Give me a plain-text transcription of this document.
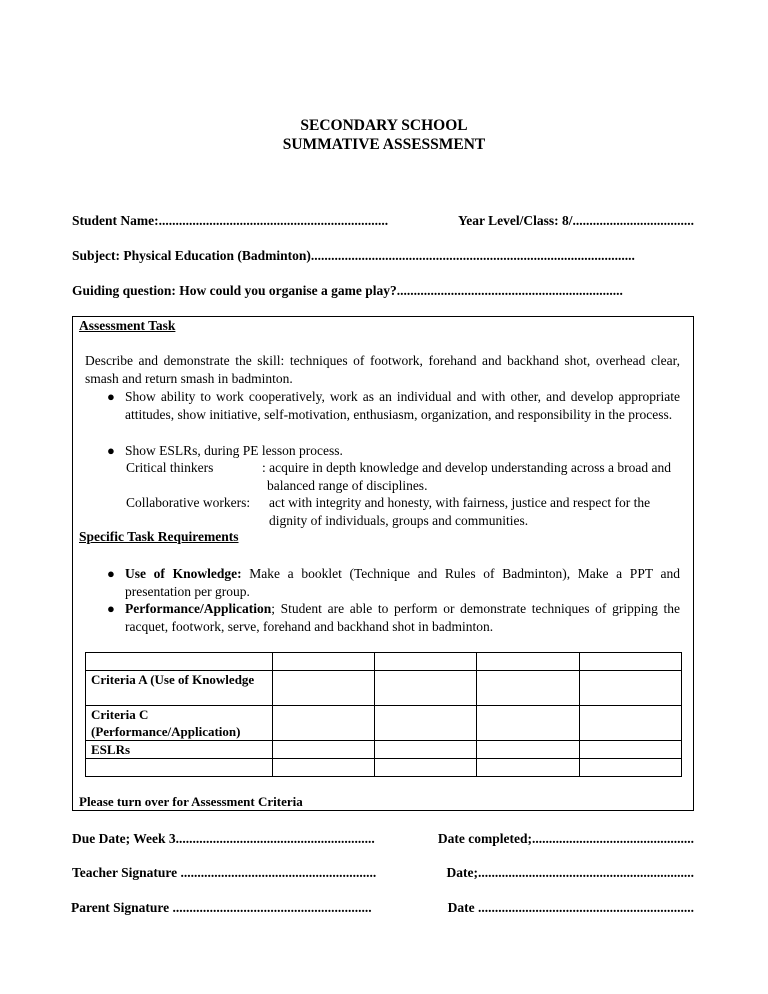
SECONDARY SCHOOL
SUMMATIVE ASSESSMENT
Student Name:....................................................................	Year Level/Class: 8/....................................
Subject: Physical Education (Badminton)................................................................................................
Guiding question: How could you organise a game play?...................................................................
Assessment Task
Describe and demonstrate the skill: techniques of footwork, forehand and backhand shot, overhead clear, smash and return smash in badminton.
● Show ability to work cooperatively, work as an individual and with other, and develop appropriate attitudes, show initiative, self-motivation, enthusiasm, organization, and responsibility in the process.
● Show ESLRs, during PE lesson process.
Critical thinkers	: acquire in depth knowledge and develop understanding across a broad and balanced range of disciplines.
Collaborative workers:	act with integrity and honesty, with fairness, justice and respect for the dignity of individuals, groups and communities.
Specific Task Requirements
● Use of Knowledge: Make a booklet (Technique and Rules of Badminton), Make a PPT and presentation per group.
● Performance/Application; Student are able to perform or demonstrate techniques of gripping the racquet, footwork, serve, forehand and backhand shot in badminton.

Criteria A (Use of Knowledge				
Criteria C (Performance/Application)				
ESLRs				

Please turn over for Assessment Criteria
Due Date; Week 3...........................................................	Date completed;................................................
Teacher Signature ..........................................................	Date;................................................................
Parent Signature ...........................................................	Date ................................................................
